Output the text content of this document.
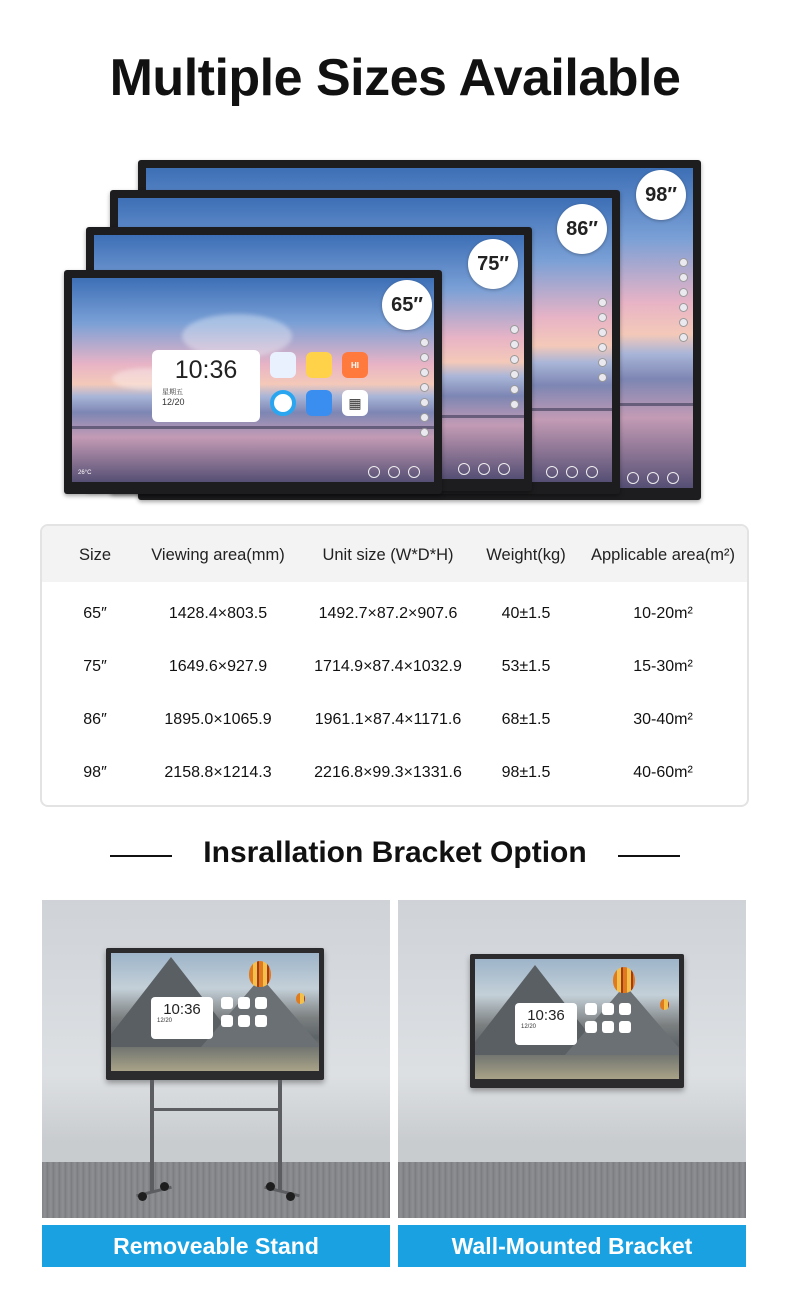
Multiple Sizes Available
98″
86″
75″
10:36
星期五
12/20
HI
▦
26°C
65″
Size	Viewing area(mm)	Unit size (W*D*H)	Weight(kg)	Applicable area(m²)
65″	1428.4×803.5	1492.7×87.2×907.6	40±1.5	10-20m²
75″	1649.6×927.9	1714.9×87.4×1032.9	53±1.5	15-30m²
86″	1895.0×1065.9	1961.1×87.4×1171.6	68±1.5	30-40m²
98″	2158.8×1214.3	2216.8×99.3×1331.6	98±1.5	40-60m²
Insrallation Bracket Option
10:36
12/20	10:36
12/20
Removeable Stand	Wall-Mounted Bracket
